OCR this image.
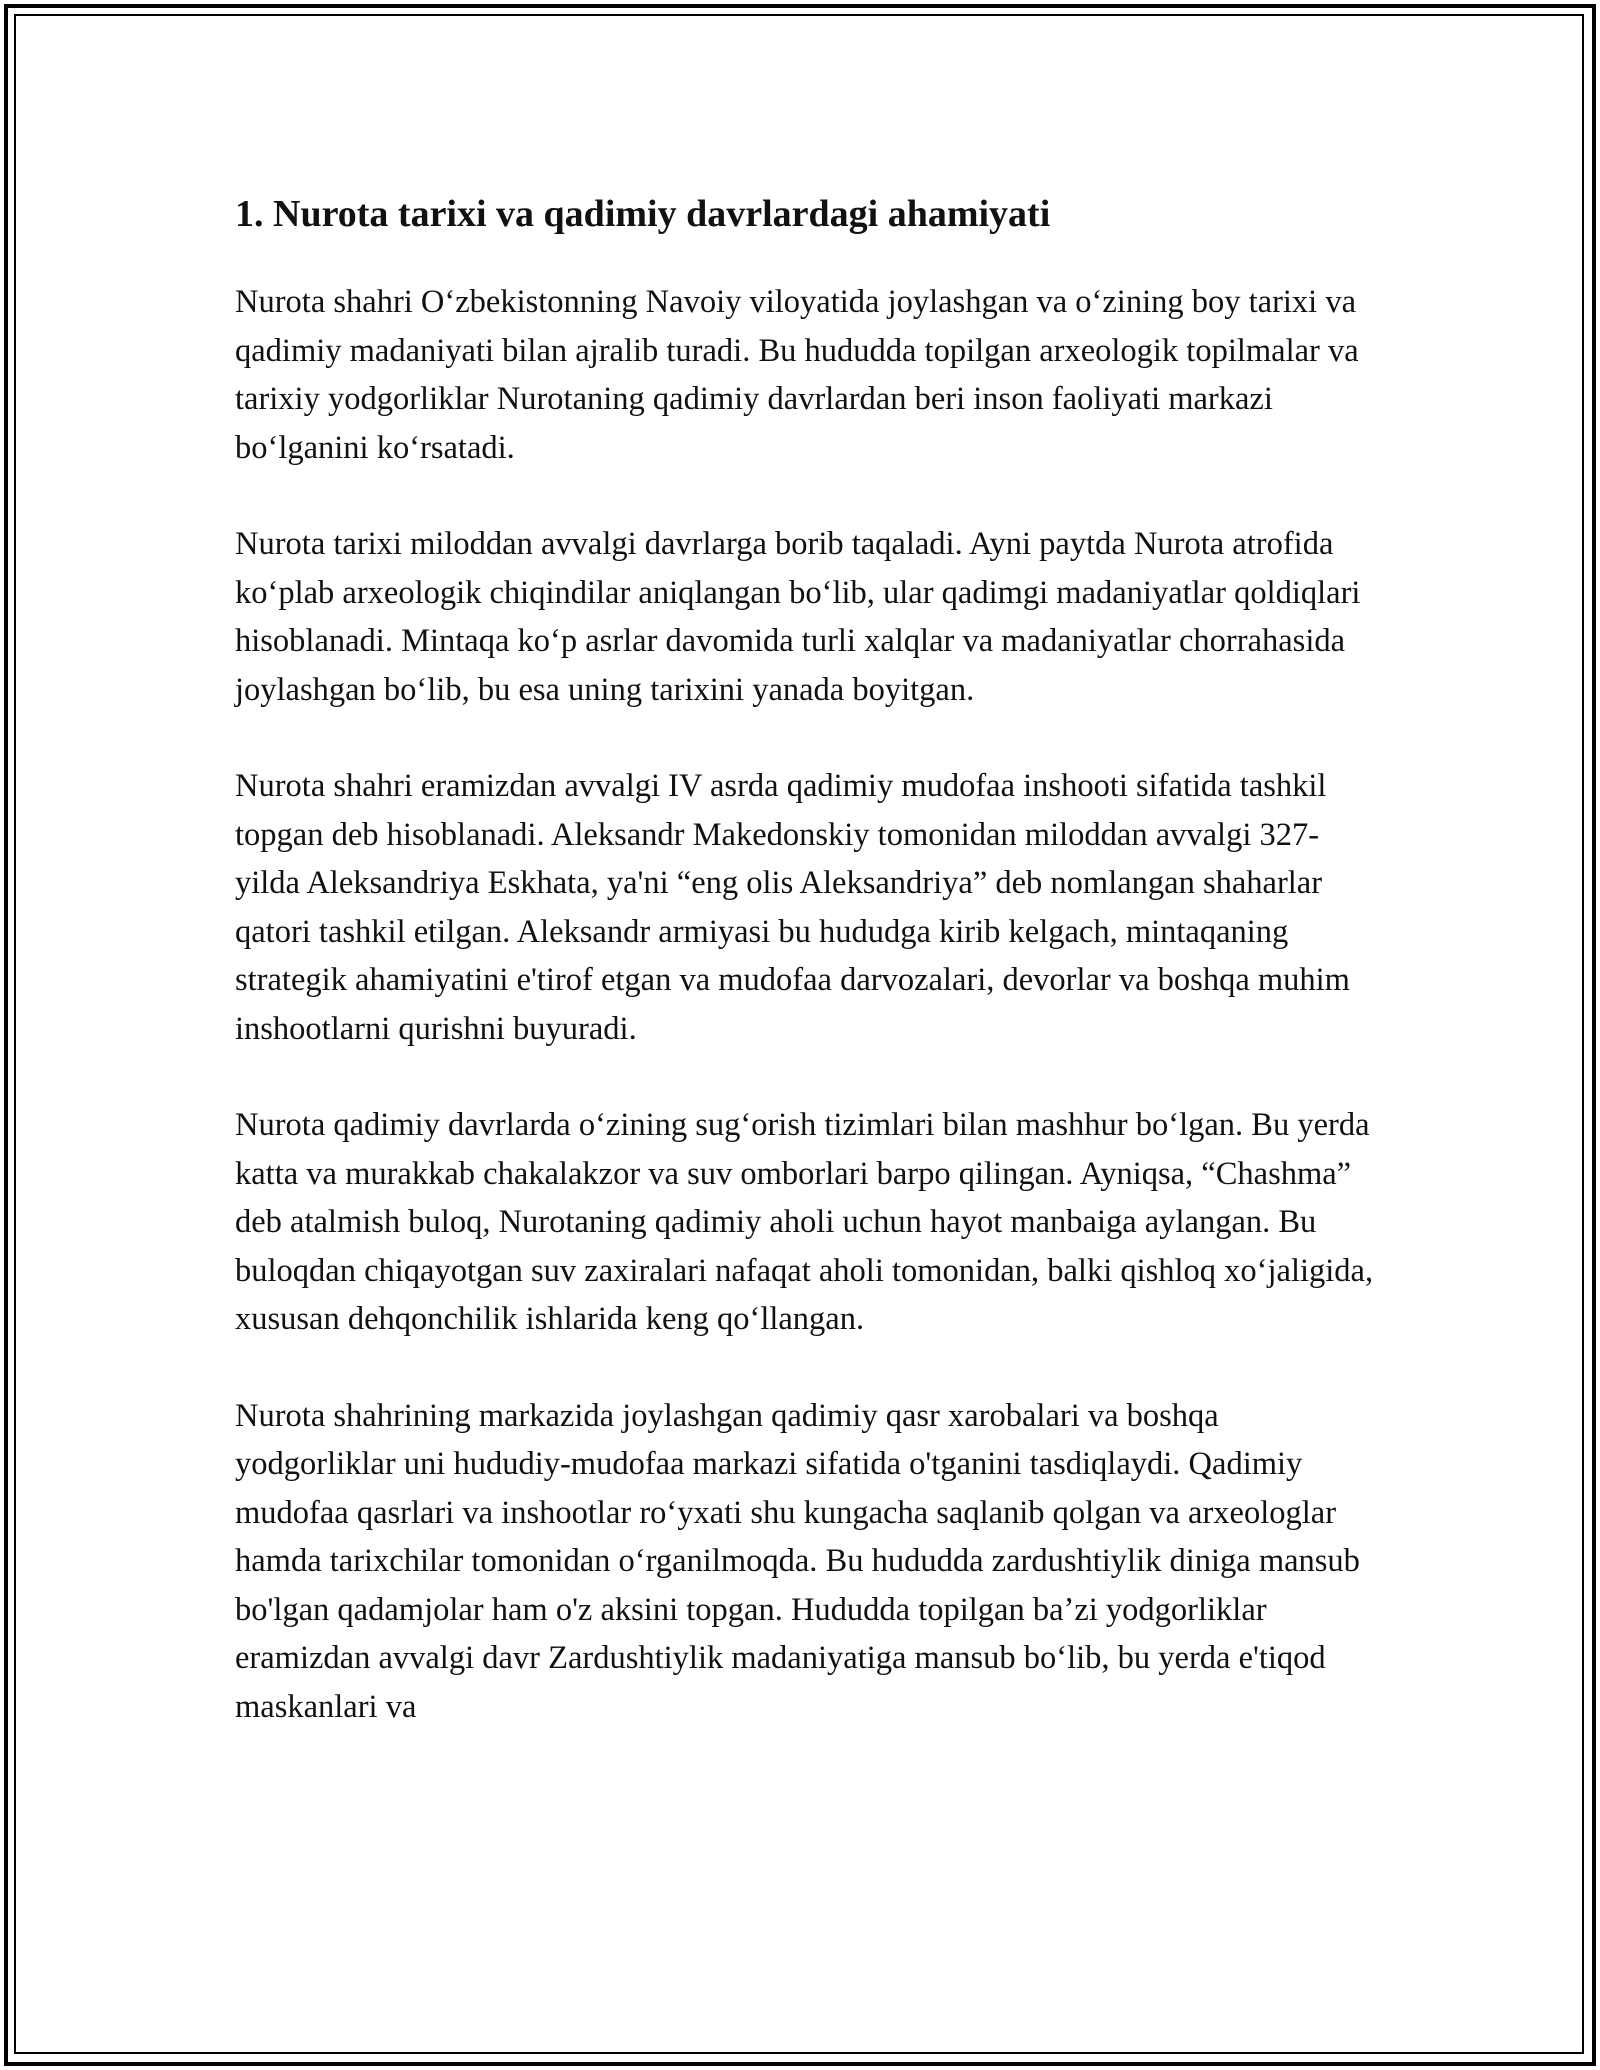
1. Nurota tarixi va qadimiy davrlardagi ahamiyati

Nurota shahri Oʻzbekistonning Navoiy viloyatida joylashgan va oʻzining boy tarixi va qadimiy madaniyati bilan ajralib turadi. Bu hududda topilgan arxeologik topilmalar va tarixiy yodgorliklar Nurotaning qadimiy davrlardan beri inson faoliyati markazi boʻlganini koʻrsatadi.

Nurota tarixi miloddan avvalgi davrlarga borib taqaladi. Ayni paytda Nurota atrofida koʻplab arxeologik chiqindilar aniqlangan boʻlib, ular qadimgi madaniyatlar qoldiqlari hisoblanadi. Mintaqa koʻp asrlar davomida turli xalqlar va madaniyatlar chorrahasida joylashgan boʻlib, bu esa uning tarixini yanada boyitgan.

Nurota shahri eramizdan avvalgi IV asrda qadimiy mudofaa inshooti sifatida tashkil topgan deb hisoblanadi. Aleksandr Makedonskiy tomonidan miloddan avvalgi 327-yilda Aleksandriya Eskhata, ya'ni “eng olis Aleksandriya” deb nomlangan shaharlar qatori tashkil etilgan. Aleksandr armiyasi bu hududga kirib kelgach, mintaqaning strategik ahamiyatini e'tirof etgan va mudofaa darvozalari, devorlar va boshqa muhim inshootlarni qurishni buyuradi.

Nurota qadimiy davrlarda oʻzining sugʻorish tizimlari bilan mashhur boʻlgan. Bu yerda katta va murakkab chakalakzor va suv omborlari barpo qilingan. Ayniqsa, “Chashma” deb atalmish buloq, Nurotaning qadimiy aholi uchun hayot manbaiga aylangan. Bu buloqdan chiqayotgan suv zaxiralari nafaqat aholi tomonidan, balki qishloq xoʻjaligida, xususan dehqonchilik ishlarida keng qoʻllangan.

Nurota shahrining markazida joylashgan qadimiy qasr xarobalari va boshqa yodgorliklar uni hududiy-mudofaa markazi sifatida o'tganini tasdiqlaydi. Qadimiy mudofaa qasrlari va inshootlar roʻyxati shu kungacha saqlanib qolgan va arxeologlar hamda tarixchilar tomonidan oʻrganilmoqda. Bu hududda zardushtiylik diniga mansub bo'lgan qadamjolar ham o'z aksini topgan. Hududda topilgan baʼzi yodgorliklar eramizdan avvalgi davr Zardushtiylik madaniyatiga mansub boʻlib, bu yerda e'tiqod maskanlari va
